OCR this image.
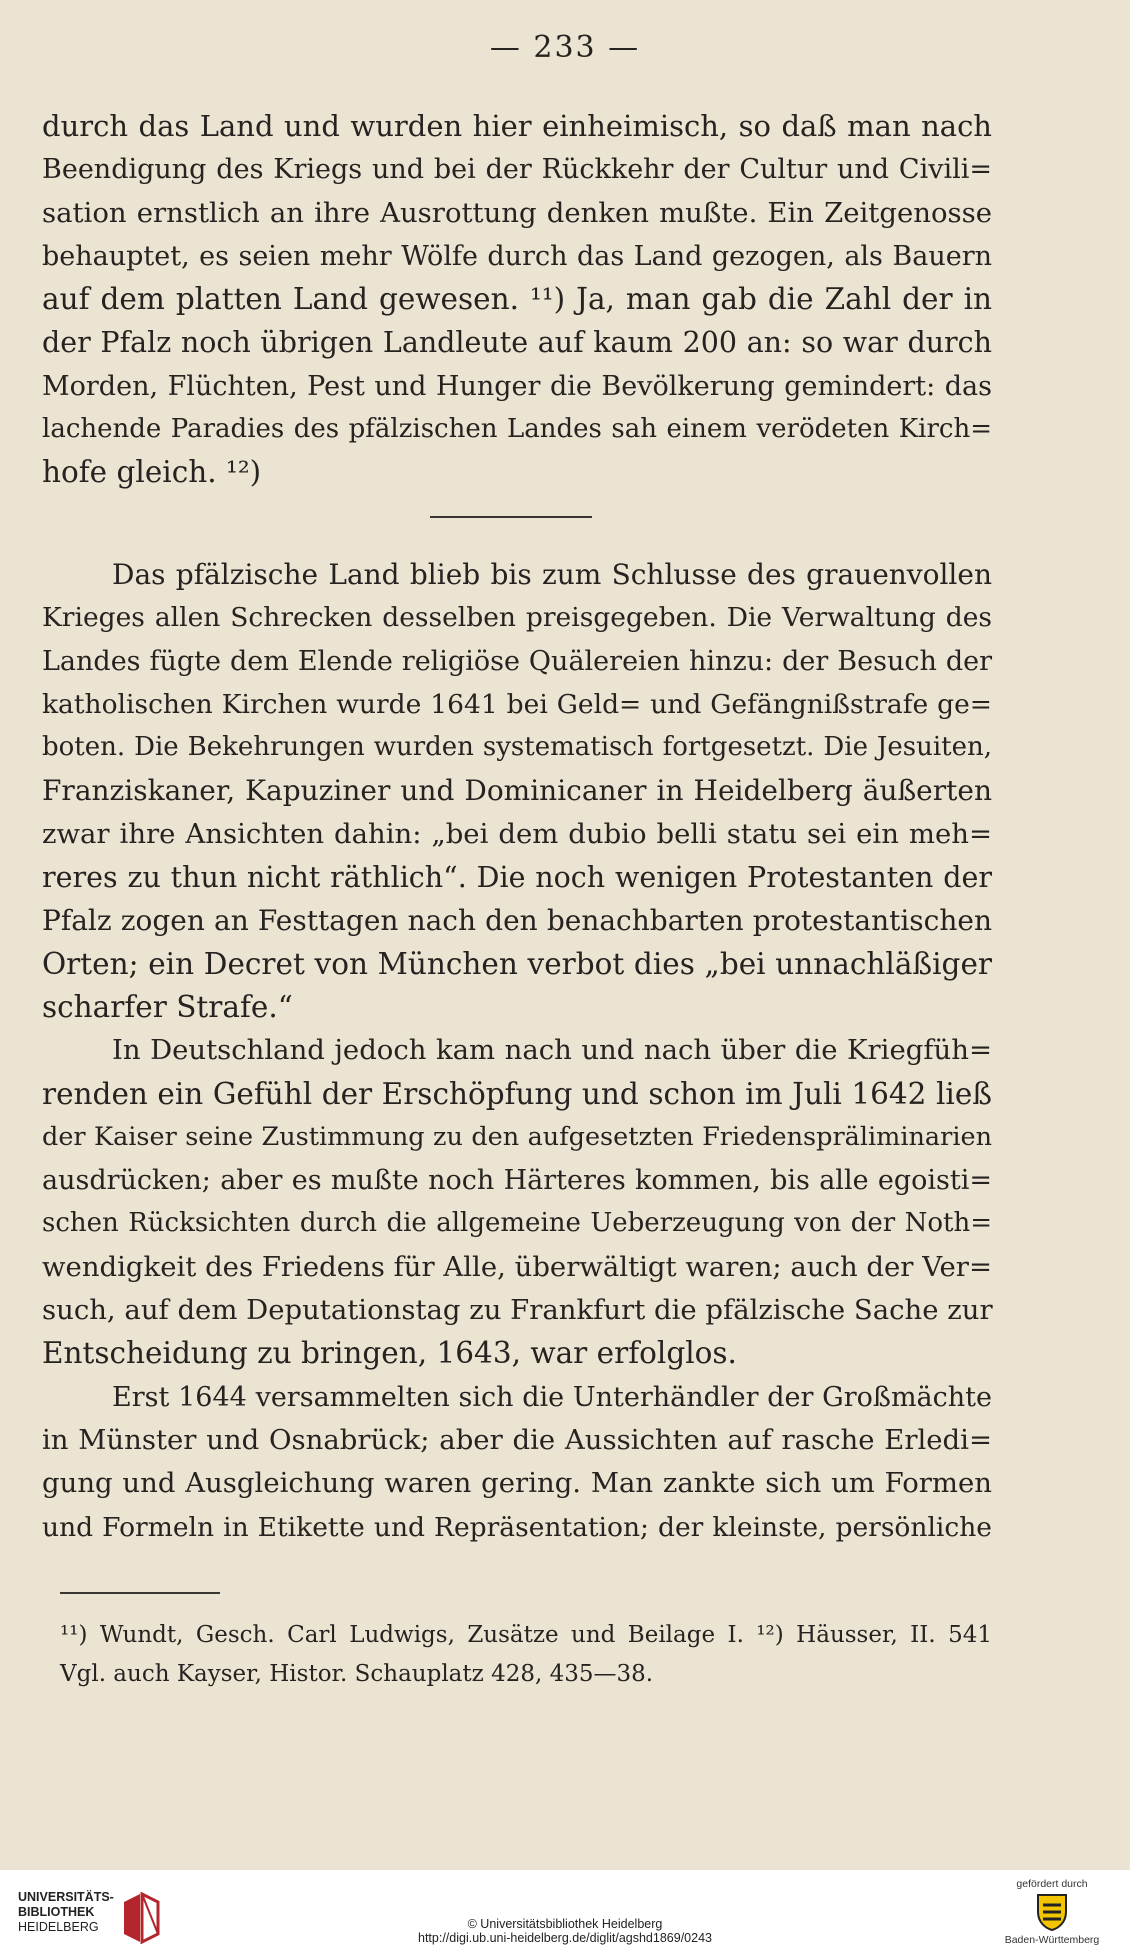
— 233 —

durch das Land und wurden hier einheimisch, so daß man nach
Beendigung des Kriegs und bei der Rückkehr der Cultur und Civili=
sation ernstlich an ihre Ausrottung denken mußte. Ein Zeitgenosse
behauptet, es seien mehr Wölfe durch das Land gezogen, als Bauern
auf dem platten Land gewesen. ¹¹) Ja, man gab die Zahl der in
der Pfalz noch übrigen Landleute auf kaum 200 an: so war durch
Morden, Flüchten, Pest und Hunger die Bevölkerung gemindert: das
lachende Paradies des pfälzischen Landes sah einem verödeten Kirch=
hofe gleich. ¹²)

Das pfälzische Land blieb bis zum Schlusse des grauenvollen
Krieges allen Schrecken desselben preisgegeben. Die Verwaltung des
Landes fügte dem Elende religiöse Quälereien hinzu: der Besuch der
katholischen Kirchen wurde 1641 bei Geld= und Gefängnißstrafe ge=
boten. Die Bekehrungen wurden systematisch fortgesetzt. Die Jesuiten,
Franziskaner, Kapuziner und Dominicaner in Heidelberg äußerten
zwar ihre Ansichten dahin: „bei dem dubio belli statu sei ein meh=
reres zu thun nicht räthlich“. Die noch wenigen Protestanten der
Pfalz zogen an Festtagen nach den benachbarten protestantischen
Orten; ein Decret von München verbot dies „bei unnachläßiger
scharfer Strafe.“

In Deutschland jedoch kam nach und nach über die Kriegfüh=
renden ein Gefühl der Erschöpfung und schon im Juli 1642 ließ
der Kaiser seine Zustimmung zu den aufgesetzten Friedenspräliminarien
ausdrücken; aber es mußte noch Härteres kommen, bis alle egoisti=
schen Rücksichten durch die allgemeine Ueberzeugung von der Noth=
wendigkeit des Friedens für Alle, überwältigt waren; auch der Ver=
such, auf dem Deputationstag zu Frankfurt die pfälzische Sache zur
Entscheidung zu bringen, 1643, war erfolglos.

Erst 1644 versammelten sich die Unterhändler der Großmächte
in Münster und Osnabrück; aber die Aussichten auf rasche Erledi=
gung und Ausgleichung waren gering. Man zankte sich um Formen
und Formeln in Etikette und Repräsentation; der kleinste, persönliche

¹¹) Wundt, Gesch. Carl Ludwigs, Zusätze und Beilage I. ¹²) Häusser, II. 541
Vgl. auch Kayser, Histor. Schauplatz 428, 435—38.
UNIVERSITÄTS-
BIBLIOTHEK
HEIDELBERG	© Universitätsbibliothek Heidelberg
http://digi.ub.uni-heidelberg.de/diglit/agshd1869/0243
gefördert durch
Baden-Württemberg
